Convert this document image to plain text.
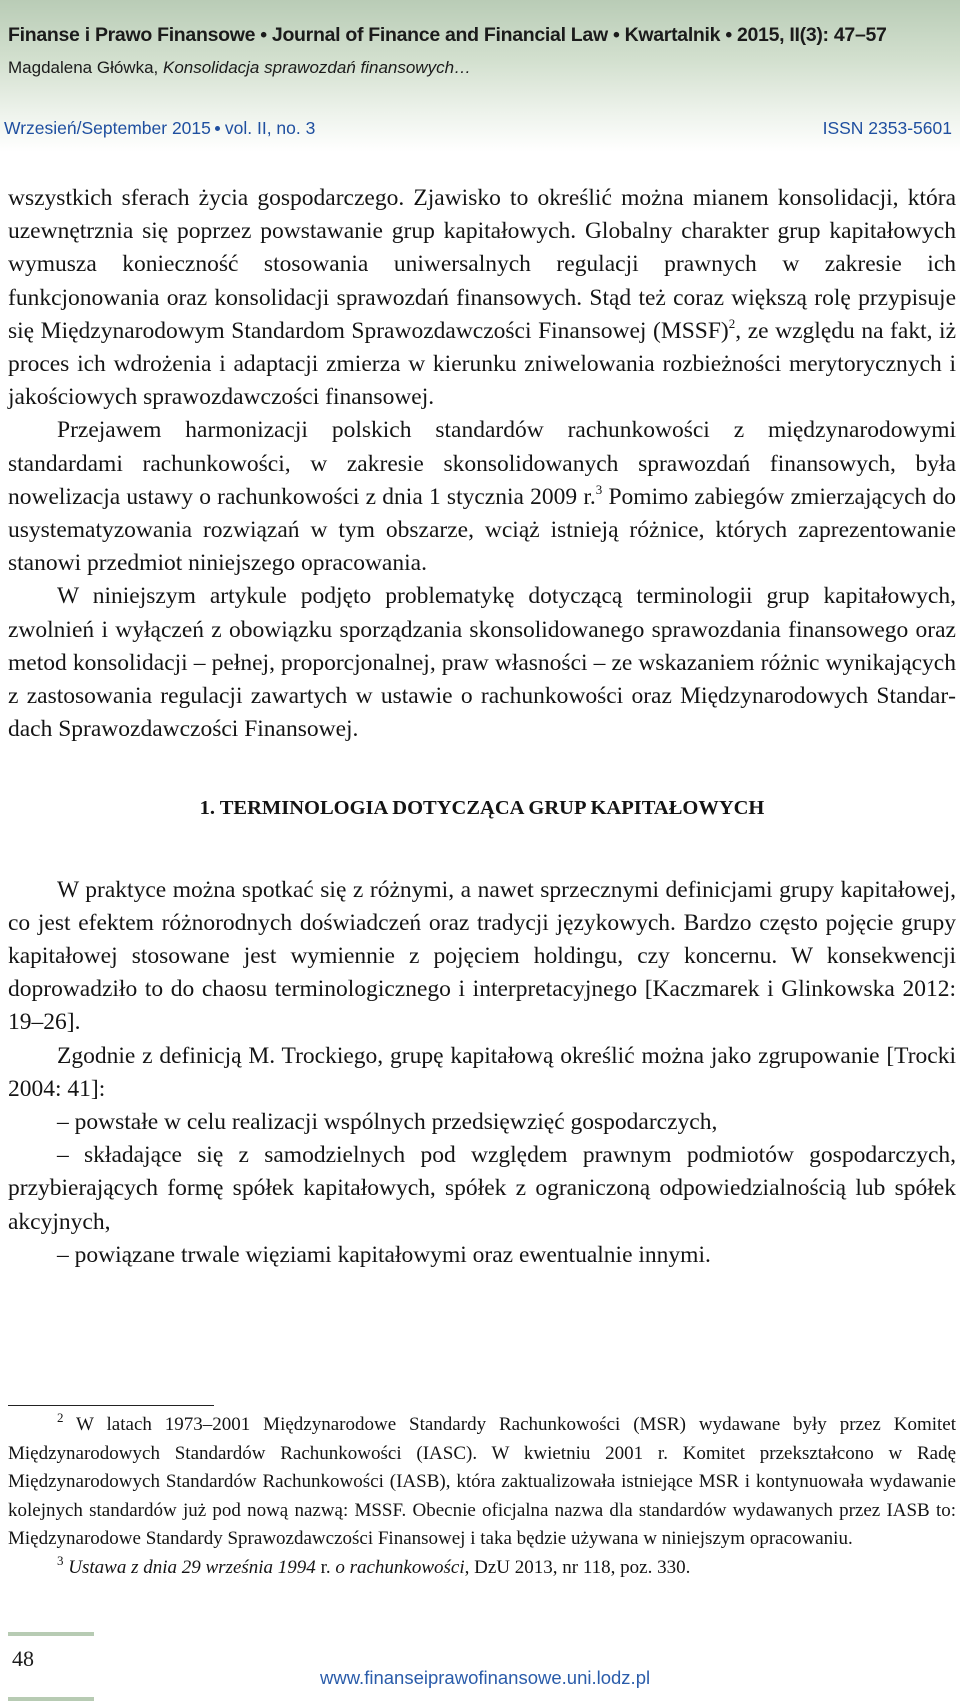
Finanse i Prawo Finansowe • Journal of Finance and Financial Law • Kwartalnik • 2015, II(3): 47–57
Magdalena Główka, Konsolidacja sprawozdań finansowych…
Wrzesień/September 2015 vol. II, no. 3	ISSN 2353-5601

wszystkich sferach życia gospodarczego. Zjawisko to określić można mianem konsolidacji, która uzewnętrznia się poprzez powstawanie grup kapitałowych. Globalny charakter grup kapitałowych wymusza konieczność stosowania uniwersalnych regulacji prawnych w zakresie ich funkcjonowania oraz konsolidacji sprawozdań finansowych. Stąd też coraz większą rolę przypisuje się Międzynarodowym Standardom Sprawozdawczości Finansowej (MSSF)$^2$, ze względu na fakt, iż proces ich wdrożenia i adaptacji zmierza w kierunku zniwelowania rozbieżności merytorycznych i jakościowych sprawozdawczości finansowej.

Przejawem harmonizacji polskich standardów rachunkowości z międzynarodowymi standardami rachunkowości, w zakresie skonsolidowanych sprawozdań finansowych, była nowelizacja ustawy o rachunkowości z dnia 1 stycznia 2009 r.$^3$ Pomimo zabiegów zmierzających do usystematyzowania rozwiązań w tym obszarze, wciąż istnieją różnice, których zaprezentowanie stanowi przedmiot niniejszego opracowania.

W niniejszym artykule podjęto problematykę dotyczącą terminologii grup kapitałowych, zwolnień i wyłączeń z obowiązku sporządzania skonsolidowanego sprawozdania finansowego oraz metod konsolidacji – pełnej, proporcjonalnej, praw własności – ze wskazaniem różnic wynikających z zastosowania regulacji zawartych w ustawie o rachunkowości oraz Międzynarodowych Standardach Sprawozdawczości Finansowej.

1. TERMINOLOGIA DOTYCZĄCA GRUP KAPITAŁOWYCH

W praktyce można spotkać się z różnymi, a nawet sprzecznymi definicjami grupy kapitałowej, co jest efektem różnorodnych doświadczeń oraz tradycji językowych. Bardzo często pojęcie grupy kapitałowej stosowane jest wymiennie z pojęciem holdingu, czy koncernu. W konsekwencji doprowadziło to do chaosu terminologicznego i interpretacyjnego [Kaczmarek i Glinkowska 2012: 19–26].

Zgodnie z definicją M. Trockiego, grupę kapitałową określić można jako zgrupowanie [Trocki 2004: 41]:

– powstałe w celu realizacji wspólnych przedsięwzięć gospodarczych,

– składające się z samodzielnych pod względem prawnym podmiotów gospodarczych, przybierających formę spółek kapitałowych, spółek z ograniczoną odpowiedzialnością lub spółek akcyjnych,

– powiązane trwale więziami kapitałowymi oraz ewentualnie innymi.

$^2$ W latach 1973–2001 Międzynarodowe Standardy Rachunkowości (MSR) wydawane były przez Komitet Międzynarodowych Standardów Rachunkowości (IASC). W kwietniu 2001 r. Komitet przekształcono w Radę Międzynarodowych Standardów Rachunkowości (IASB), która zaktualizowała istniejące MSR i kontynuowała wydawanie kolejnych standardów już pod nową nazwą: MSSF. Obecnie oficjalna nazwa dla standardów wydawanych przez IASB to: Międzynarodowe Standardy Sprawozdawczości Finansowej i taka będzie używana w niniejszym opracowaniu.

$^3$ Ustawa z dnia 29 września 1994 r. o rachunkowości, DzU 2013, nr 118, poz. 330.

48
www.finanseiprawofinansowe.uni.lodz.pl
